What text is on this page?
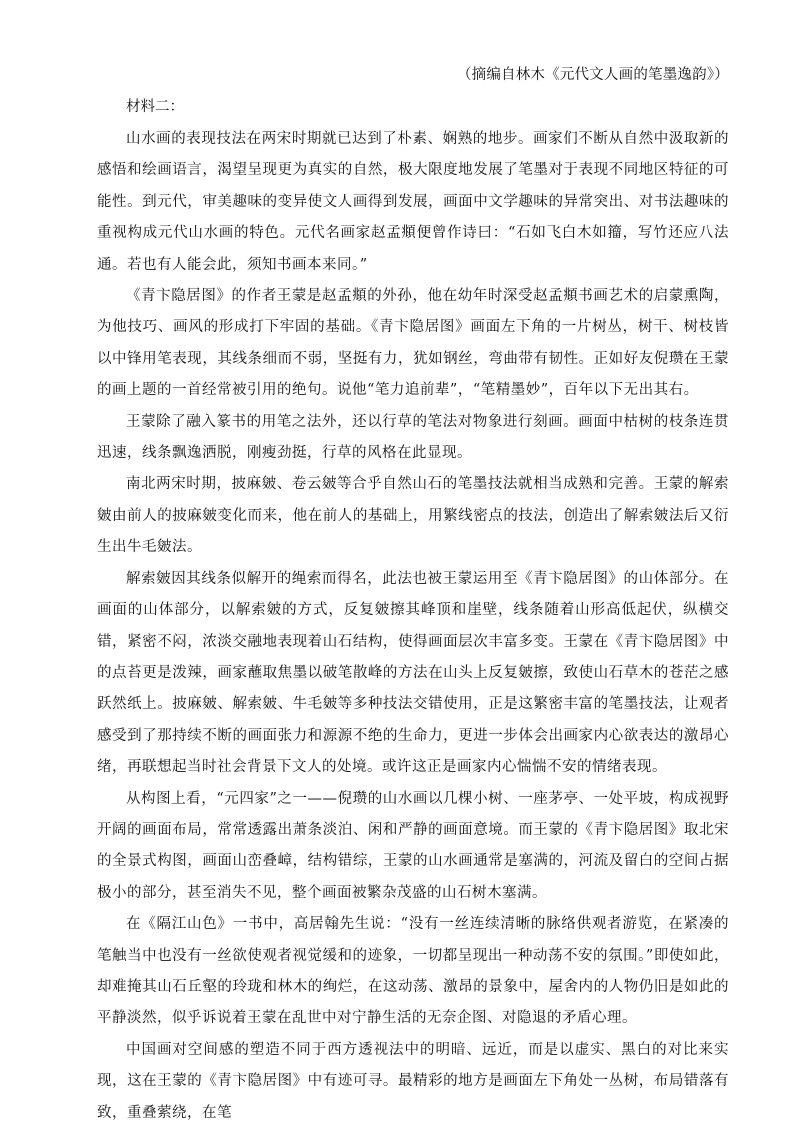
（摘编自林木《元代文人画的笔墨逸韵》）

材料二：

山水画的表现技法在两宋时期就已达到了朴素、娴熟的地步。画家们不断从自然中汲取新的感悟和绘画语言，渴望呈现更为真实的自然，极大限度地发展了笔墨对于表现不同地区特征的可能性。到元代，审美趣味的变异使文人画得到发展，画面中文学趣味的异常突出、对书法趣味的重视构成元代山水画的特色。元代名画家赵孟頫便曾作诗曰：“石如飞白木如籀，写竹还应八法通。若也有人能会此，须知书画本来同。”

《青卞隐居图》的作者王蒙是赵孟頫的外孙，他在幼年时深受赵孟頫书画艺术的启蒙熏陶，为他技巧、画风的形成打下牢固的基础。《青卞隐居图》画面左下角的一片树丛，树干、树枝皆以中锋用笔表现，其线条细而不弱，坚挺有力，犹如钢丝，弯曲带有韧性。正如好友倪瓒在王蒙的画上题的一首经常被引用的绝句。说他“笔力追前辈”，“笔精墨妙”，百年以下无出其右。

王蒙除了融入篆书的用笔之法外，还以行草的笔法对物象进行刻画。画面中枯树的枝条连贯迅速，线条飘逸洒脱，刚瘦劲挺，行草的风格在此显现。

南北两宋时期，披麻皴、卷云皴等合乎自然山石的笔墨技法就相当成熟和完善。王蒙的解索皴由前人的披麻皴变化而来，他在前人的基础上，用繁线密点的技法，创造出了解索皴法后又衍生出牛毛皴法。

解索皴因其线条似解开的绳索而得名，此法也被王蒙运用至《青卞隐居图》的山体部分。在画面的山体部分，以解索皴的方式，反复皴擦其峰顶和崖壁，线条随着山形高低起伏，纵横交错，紧密不闷，浓淡交融地表现着山石结构，使得画面层次丰富多变。王蒙在《青卞隐居图》中的点苔更是泼辣，画家蘸取焦墨以破笔散峰的方法在山头上反复皴擦，致使山石草木的苍茫之感跃然纸上。披麻皴、解索皴、牛毛皴等多种技法交错使用，正是这繁密丰富的笔墨技法，让观者感受到了那持续不断的画面张力和源源不绝的生命力，更进一步体会出画家内心欲表达的激昂心绪，再联想起当时社会背景下文人的处境。或许这正是画家内心惴惴不安的情绪表现。

从构图上看，“元四家”之一——倪瓒的山水画以几棵小树、一座茅亭、一处平坡，构成视野开阔的画面布局，常常透露出萧条淡泊、闲和严静的画面意境。而王蒙的《青卞隐居图》取北宋的全景式构图，画面山峦叠嶂，结构错综，王蒙的山水画通常是塞满的，河流及留白的空间占据极小的部分，甚至消失不见，整个画面被繁杂茂盛的山石树木塞满。

在《隔江山色》一书中，高居翰先生说：“没有一丝连续清晰的脉络供观者游览，在紧凑的笔触当中也没有一丝欲使观者视觉缓和的迹象，一切都呈现出一种动荡不安的氛围。”即使如此，却难掩其山石丘壑的玲珑和林木的绚烂，在这动荡、激昂的景象中，屋舍内的人物仍旧是如此的平静淡然，似乎诉说着王蒙在乱世中对宁静生活的无奈企图、对隐退的矛盾心理。

中国画对空间感的塑造不同于西方透视法中的明暗、远近，而是以虚实、黑白的对比来实现，这在王蒙的《青卞隐居图》中有迹可寻。最精彩的地方是画面左下角处一丛树，布局错落有致，重叠萦绕，在笔
